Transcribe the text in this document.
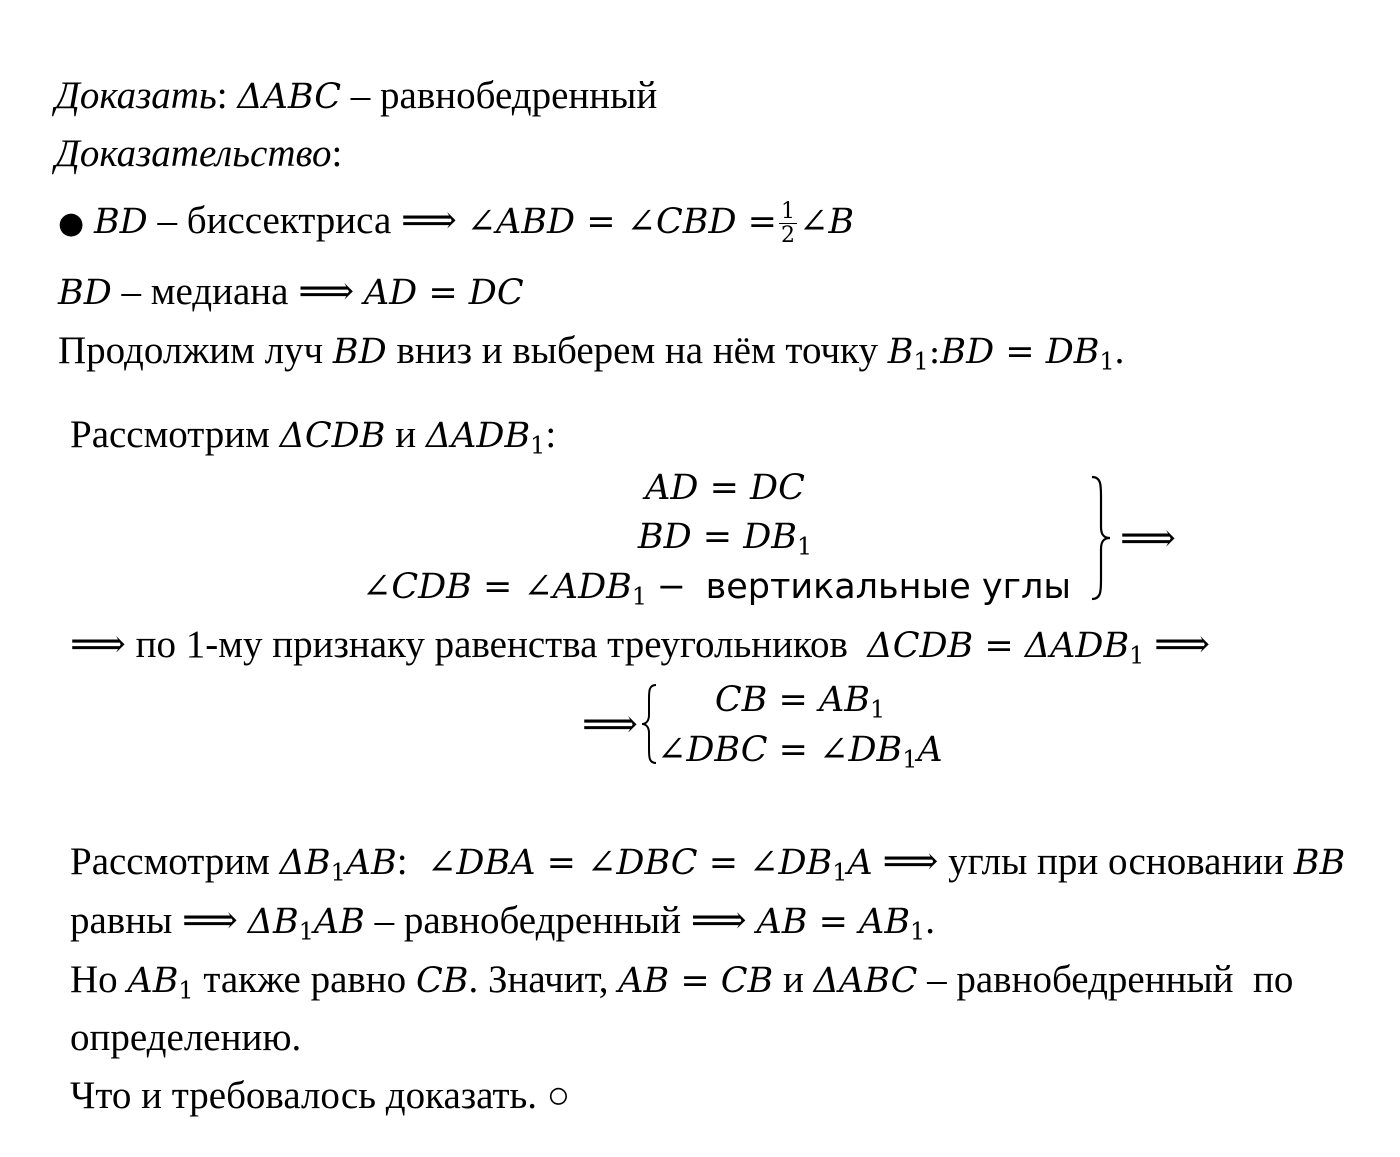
Доказать: ΔABC – равнобедренный
Доказательство:
● BD – биссектриса ⟹ ∠ABD = ∠CBD = $\frac{1}{2}$ ∠B
BD – медиана ⟹ AD = DC
Продолжим луч BD вниз и выберем на нём точку $B_1:BD = DB_1$.
Рассмотрим ΔCDB и $\Delta ADB_1$:
AD = DC
BD = $DB_1$
∠CDB = $\angle ADB_1$ − вертикальные углы
⟹
⟹ по 1-му признаку равенства треугольников $\Delta CDB = \Delta ADB_1$ ⟹
⟹
CB = $AB_1$
∠DBC = $\angle DB_1A$
Рассмотрим $\Delta B_1AB$: ∠DBA = ∠DBC = $\angle DB_1A$ ⟹ углы при основании BB
равны ⟹ $\Delta B_1AB$ – равнобедренный ⟹ AB = $AB_1$.
Но $AB_1$ также равно CB. Значит, AB = CB и ΔABC – равнобедренный  по
определению.
Что и требовалось доказать. ○
